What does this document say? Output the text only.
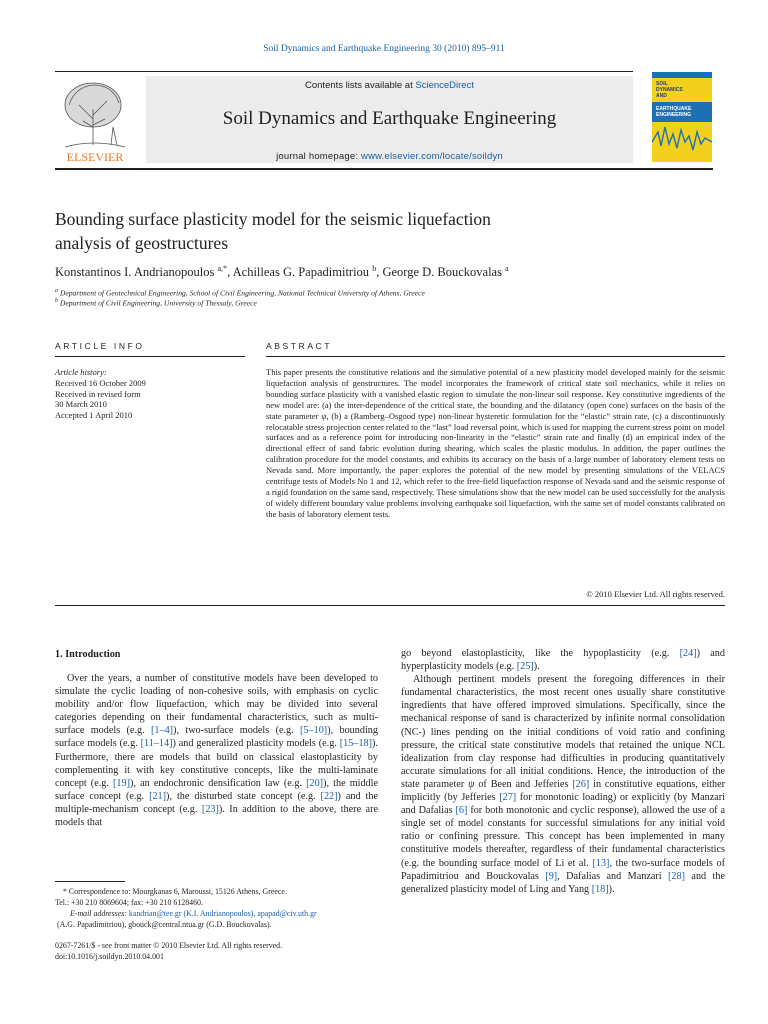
Soil Dynamics and Earthquake Engineering 30 (2010) 895–911
ELSEVIER
Contents lists available at ScienceDirect
Soil Dynamics and Earthquake Engineering
journal homepage: www.elsevier.com/locate/soildyn
SOIL
DYNAMICS
AND
EARTHQUAKE
ENGINEERING
Bounding surface plasticity model for the seismic liquefaction
analysis of geostructures
Konstantinos I. Andrianopoulos $^{a,*}$, Achilleas G. Papadimitriou $^b$, George D. Bouckovalas $^a$
$^a$ Department of Geotechnical Engineering, School of Civil Engineering, National Technical University of Athens, Greece
$^b$ Department of Civil Engineering, University of Thessaly, Greece
ARTICLE INFO	ABSTRACT
Article history:
Received 16 October 2009
Received in revised form
30 March 2010
Accepted 1 April 2010
This paper presents the constitutive relations and the simulative potential of a new plasticity model developed mainly for the seismic liquefaction analysis of geostructures. The model incorporates the framework of critical state soil mechanics, while it relies on bounding surface plasticity with a vanished elastic region to simulate the non-linear soil response. Key constitutive ingredients of the new model are: (a) the inter-dependence of the critical state, the bounding and the dilatancy (open cone) surfaces on the basis of the state parameter ψ, (b) a (Ramberg–Osgood type) non-linear hysteretic formulation for the “elastic” strain rate, (c) a discontinuously relocatable stress projection center related to the “last” load reversal point, which is used for mapping the current stress point on model surfaces and as a reference point for introducing non-linearity in the “elastic” strain rate and finally (d) an empirical index of the directional effect of sand fabric evolution during shearing, which scales the plastic modulus. In addition, the paper outlines the calibration procedure for the model constants, and exhibits its accuracy on the basis of a large number of laboratory element tests on Nevada sand. More importantly, the paper explores the potential of the new model by presenting simulations of the VELACS centrifuge tests of Models No 1 and 12, which refer to the free-field liquefaction response of Nevada sand and the seismic response of a rigid foundation on the same sand, respectively. These simulations show that the new model can be used successfully for the analysis of widely different boundary value problems involving earthquake soil liquefaction, with the same set of model constants calibrated on the basis of laboratory element tests.
© 2010 Elsevier Ltd. All rights reserved.
1. Introduction

Over the years, a number of constitutive models have been developed to simulate the cyclic loading of non-cohesive soils, with emphasis on cyclic mobility and/or flow liquefaction, which may be divided into several categories depending on their fundamental characteristics, such as multi-surface models (e.g. [1–4]), two-surface models (e.g. [5–10]), bounding surface models (e.g. [11–14]) and generalized plasticity models (e.g. [15–18]). Furthermore, there are models that build on classical elastoplasticity by complementing it with key constitutive concepts, like the multi-laminate concept (e.g. [19]), an endochronic densification law (e.g. [20]), the middle surface concept (e.g. [21]), the disturbed state concept (e.g. [22]) and the multiple-mechanism concept (e.g. [23]). In addition to the above, there are models that

go beyond elastoplasticity, like the hypoplasticity (e.g. [24]) and hyperplasticity models (e.g. [25]).

Although pertinent models present the foregoing differences in their fundamental characteristics, the most recent ones usually share constitutive ingredients that have offered improved simulations. Specifically, since the mechanical response of sand is characterized by infinite normal consolidation (NC-) lines pending on the initial conditions of void ratio and confining pressure, the critical state constitutive models that retained the unique NCL idealization from clay response had difficulties in producing quantitatively accurate simulations for all initial conditions. Hence, the introduction of the state parameter ψ of Been and Jefferies [26] in constitutive equations, either implicitly (by Jefferies [27] for monotonic loading) or explicitly (by Manzari and Dafalias [6] for both monotonic and cyclic response), allowed the use of a single set of model constants for successful simulations for any initial void ratio or confining pressure. This concept has been implemented in many constitutive models thereafter, regardless of their fundamental characteristics (e.g. the bounding surface model of Li et al. [13], the two-surface models of Papadimitriou and Bouckovalas [9], Dafalias and Manzari [28] and the generalized plasticity model of Ling and Yang [18]).

* Correspondence to: Mourgkanas 6, Maroussi, 15126 Athens, Greece.
Tel.: +30 210 8069604; fax: +30 210 6128460.
E-mail addresses: kandrian@tee.gr (K.I. Andrianopoulos), apapad@civ.uth.gr
(A.G. Papadimitriou), gbouck@central.ntua.gr (G.D. Bouckovalas).
0267-7261/$ - see front matter © 2010 Elsevier Ltd. All rights reserved.
doi:10.1016/j.soildyn.2010.04.001
